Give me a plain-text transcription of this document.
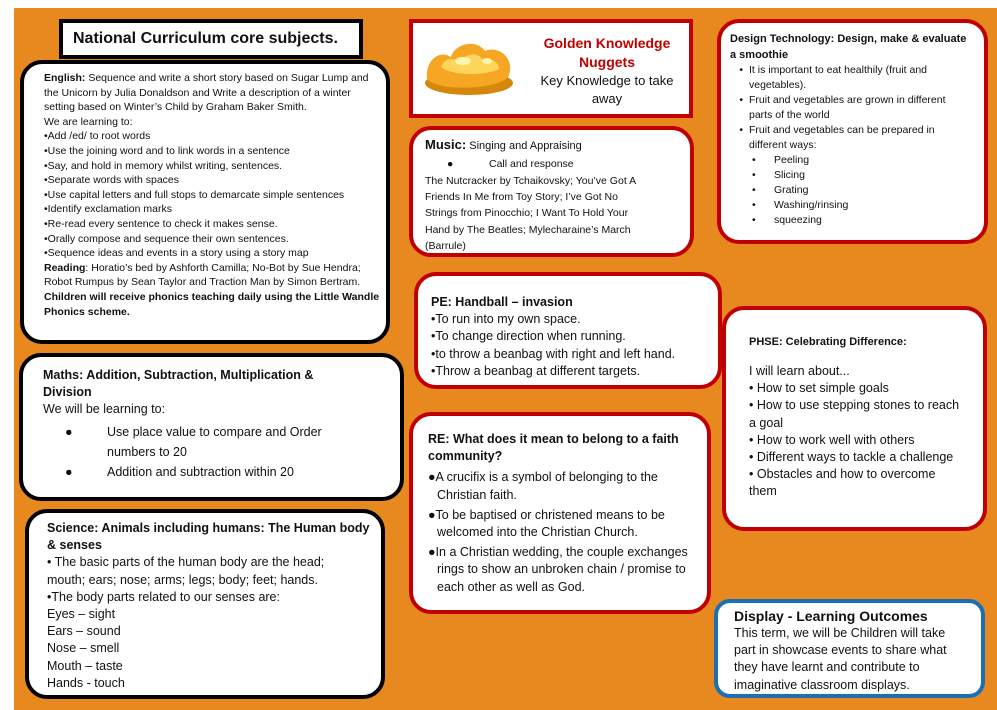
National Curriculum core subjects.

English: Sequence and write a short story based on Sugar Lump and

the Unicorn by Julia Donaldson and Write a description of a winter

setting based on Winter’s Child by Graham Baker Smith.

We are learning to:

•Add /ed/ to root words

•Use the joining word and to link words in a sentence

•Say, and hold in memory whilst writing, sentences.

•Separate words with spaces

•Use capital letters and full stops to demarcate simple sentences

•Identify exclamation marks

•Re-read every sentence to check it makes sense.

•Orally compose and sequence their own sentences.

•Sequence ideas and events in a story using a story map

Reading: Horatio’s bed by Ashforth Camilla; No-Bot by Sue Hendra;

Robot Rumpus by Sean Taylor and Traction Man by Simon Bertram.

Children will receive phonics teaching daily using the Little Wandle

Phonics scheme.

Maths: Addition, Subtraction, Multiplication &

Division

We will be learning to:

●	Use place value to compare and Order

numbers to 20

●	Addition and subtraction within 20

Science: Animals including humans: The Human body

& senses

• The basic parts of the human body are the head;

mouth; ears; nose; arms; legs; body; feet; hands.

•The body parts related to our senses are:

Eyes – sight

Ears – sound

Nose – smell

Mouth – taste

Hands - touch

Golden Knowledge

Nuggets

Key Knowledge to take

away

Music: Singing and Appraising

●	Call and response

The Nutcracker by Tchaikovsky; You’ve Got A

Friends In Me from Toy Story; I’ve Got No

Strings from Pinocchio; I Want To Hold Your

Hand by The Beatles; Mylecharaine’s March

(Barrule)

PE: Handball – invasion

•To run into my own space.

•To change direction when running.

•to throw a beanbag with right and left hand.

•Throw a beanbag at different targets.

RE: What does it mean to belong to a faith

community?

●A crucifix is a symbol of belonging to the

Christian faith.

●To be baptised or christened means to be

welcomed into the Christian Church.

●In a Christian wedding, the couple exchanges

rings to show an unbroken chain / promise to

each other as well as God.

Design Technology: Design, make & evaluate

a smoothie

• It is important to eat healthily (fruit and

vegetables).

• Fruit and vegetables are grown in different

parts of the world

• Fruit and vegetables can be prepared in

different ways:

• Peeling

• Slicing

• Grating

• Washing/rinsing

• squeezing

PHSE: Celebrating Difference:

I will learn about...

• How to set simple goals

• How to use stepping stones to reach

a goal

• How to work well with others

• Different ways to tackle a challenge

• Obstacles and how to overcome

them

Display - Learning Outcomes

This term, we will be Children will take

part in showcase events to share what

they have learnt and contribute to

imaginative classroom displays.
